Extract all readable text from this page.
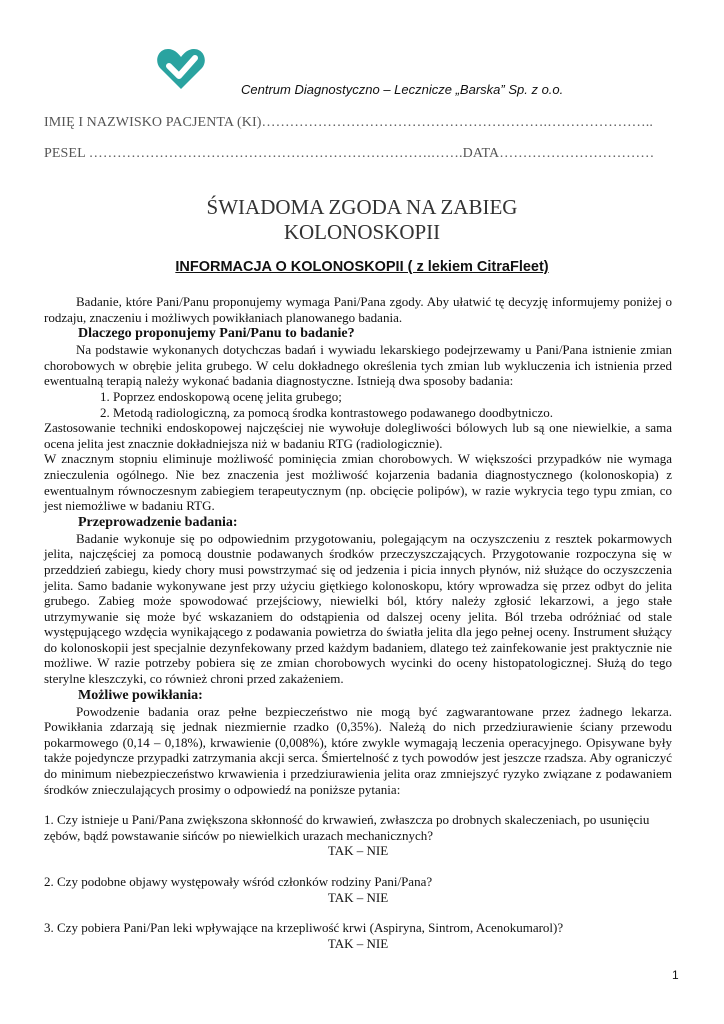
Centrum Diagnostyczno – Lecznicze „Barska” Sp. z o.o.
IMIĘ I NAZWISKO PACJENTA (KI)…………………………………………………….…………………..
PESEL ……………………………………………………………….…….DATA……………………………
ŚWIADOMA ZGODA NA ZABIEG
KOLONOSKOPII
INFORMACJA O KOLONOSKOPII ( z lekiem CitraFleet)

Badanie, które Pani/Panu proponujemy wymaga Pani/Pana zgody. Aby ułatwić tę decyzję informujemy poniżej o rodzaju, znaczeniu i możliwych powikłaniach planowanego badania.

Dlaczego proponujemy Pani/Panu to badanie?

Na podstawie wykonanych dotychczas badań i wywiadu lekarskiego podejrzewamy u Pani/Pana istnienie zmian chorobowych w obrębie jelita grubego. W celu dokładnego określenia tych zmian lub wykluczenia ich istnienia przed ewentualną terapią należy wykonać badania diagnostyczne. Istnieją dwa sposoby badania:

1. Poprzez endoskopową ocenę jelita grubego;

2. Metodą radiologiczną, za pomocą środka kontrastowego podawanego doodbytniczo.

Zastosowanie techniki endoskopowej najczęściej nie wywołuje dolegliwości bólowych lub są one niewielkie, a sama ocena jelita jest znacznie dokładniejsza niż w badaniu RTG (radiologicznie).

W znacznym stopniu eliminuje możliwość pominięcia zmian chorobowych. W większości przypadków nie wymaga znieczulenia ogólnego. Nie bez znaczenia jest możliwość kojarzenia badania diagnostycznego (kolonoskopia) z ewentualnym równoczesnym zabiegiem terapeutycznym (np. obcięcie polipów), w razie wykrycia tego typu zmian, co jest niemożliwe w badaniu RTG.

Przeprowadzenie badania:

Badanie wykonuje się po odpowiednim przygotowaniu, polegającym na oczyszczeniu z resztek pokarmowych jelita, najczęściej za pomocą doustnie podawanych środków przeczyszczających. Przygotowanie rozpoczyna się w przeddzień zabiegu, kiedy chory musi powstrzymać się od jedzenia i picia innych płynów, niż służące do oczyszczenia jelita. Samo badanie wykonywane jest przy użyciu giętkiego kolonoskopu, który wprowadza się przez odbyt do jelita grubego. Zabieg może spowodować przejściowy, niewielki ból, który należy zgłosić lekarzowi, a jego stałe utrzymywanie się może być wskazaniem do odstąpienia od dalszej oceny jelita. Ból trzeba odróżniać od stale występującego wzdęcia wynikającego z podawania powietrza do światła jelita dla jego pełnej oceny. Instrument służący do kolonoskopii jest specjalnie dezynfekowany przed każdym badaniem, dlatego też zainfekowanie jest praktycznie nie możliwe. W razie potrzeby pobiera się ze zmian chorobowych wycinki do oceny histopatologicznej. Służą do tego sterylne kleszczyki, co również chroni przed zakażeniem.

Możliwe powikłania:

Powodzenie badania oraz pełne bezpieczeństwo nie mogą być zagwarantowane przez żadnego lekarza. Powikłania zdarzają się jednak niezmiernie rzadko (0,35%). Należą do nich przedziurawienie ściany przewodu pokarmowego (0,14 – 0,18%), krwawienie (0,008%), które zwykle wymagają leczenia operacyjnego. Opisywane były także pojedyncze przypadki zatrzymania akcji serca. Śmiertelność z tych powodów jest jeszcze rzadsza. Aby ograniczyć do minimum niebezpieczeństwo krwawienia i przedziurawienia jelita oraz zmniejszyć ryzyko związane z podawaniem środków znieczulających prosimy o odpowiedź na poniższe pytania:

1. Czy istnieje u Pani/Pana zwiększona skłonność do krwawień, zwłaszcza po drobnych skaleczeniach, po usunięciu zębów, bądź powstawanie sińców po niewielkich urazach mechanicznych?

TAK – NIE

2. Czy podobne objawy występowały wśród członków rodziny Pani/Pana?

TAK – NIE

3. Czy pobiera Pani/Pan leki wpływające na krzepliwość krwi (Aspiryna, Sintrom, Acenokumarol)?

TAK – NIE

1
